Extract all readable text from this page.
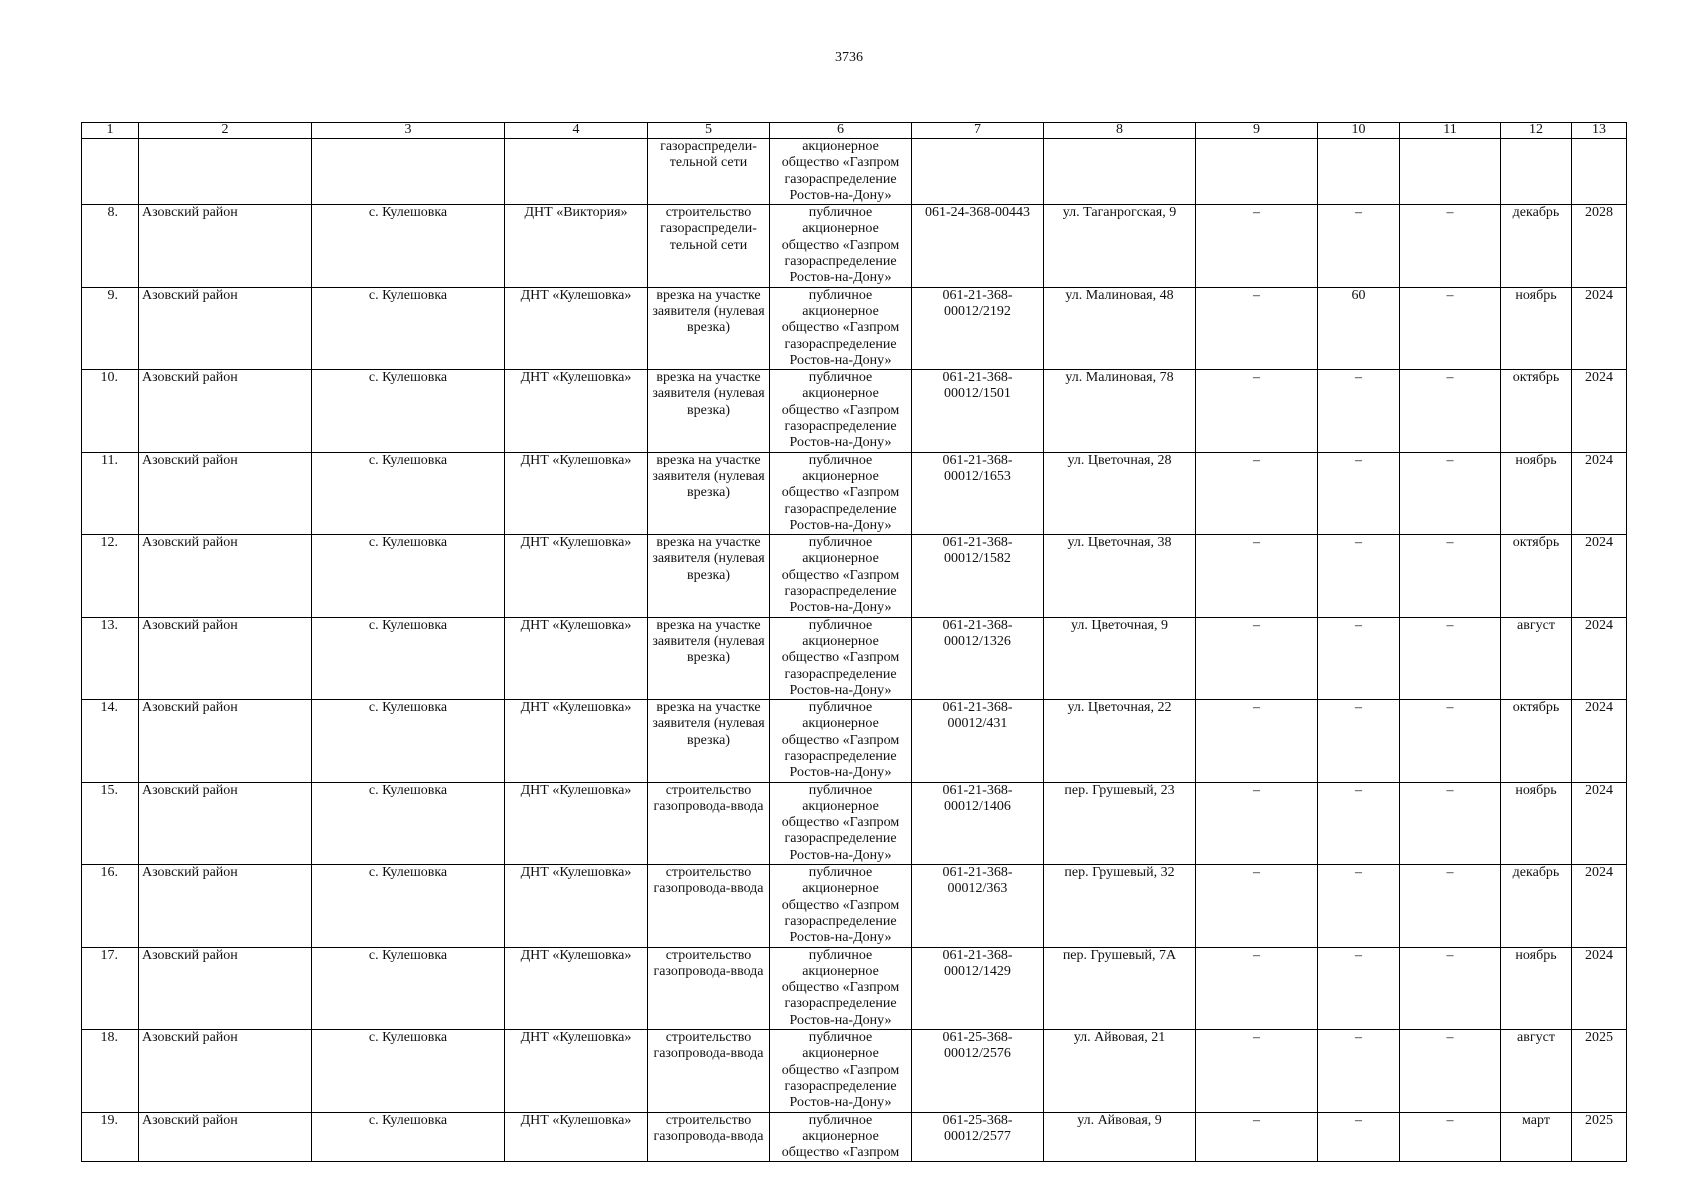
3736
1	2	3	4	5	6	7	8	9	10	11	12	13
				газораспредели-тельной сети	акционерное общество «Газпром газораспределение Ростов-на-Дону»							
8.	Азовский район	с. Кулешовка	ДНТ «Виктория»	строительство газораспредели-тельной сети	публичное акционерное общество «Газпром газораспределение Ростов-на-Дону»	061-24-368-00443	ул. Таганрогская, 9	–	–	–	декабрь	2028
9.	Азовский район	с. Кулешовка	ДНТ «Кулешовка»	врезка на участке заявителя (нулевая врезка)	публичное акционерное общество «Газпром газораспределение Ростов-на-Дону»	061-21-368-00012/2192	ул. Малиновая, 48	–	60	–	ноябрь	2024
10.	Азовский район	с. Кулешовка	ДНТ «Кулешовка»	врезка на участке заявителя (нулевая врезка)	публичное акционерное общество «Газпром газораспределение Ростов-на-Дону»	061-21-368-00012/1501	ул. Малиновая, 78	–	–	–	октябрь	2024
11.	Азовский район	с. Кулешовка	ДНТ «Кулешовка»	врезка на участке заявителя (нулевая врезка)	публичное акционерное общество «Газпром газораспределение Ростов-на-Дону»	061-21-368-00012/1653	ул. Цветочная, 28	–	–	–	ноябрь	2024
12.	Азовский район	с. Кулешовка	ДНТ «Кулешовка»	врезка на участке заявителя (нулевая врезка)	публичное акционерное общество «Газпром газораспределение Ростов-на-Дону»	061-21-368-00012/1582	ул. Цветочная, 38	–	–	–	октябрь	2024
13.	Азовский район	с. Кулешовка	ДНТ «Кулешовка»	врезка на участке заявителя (нулевая врезка)	публичное акционерное общество «Газпром газораспределение Ростов-на-Дону»	061-21-368-00012/1326	ул. Цветочная, 9	–	–	–	август	2024
14.	Азовский район	с. Кулешовка	ДНТ «Кулешовка»	врезка на участке заявителя (нулевая врезка)	публичное акционерное общество «Газпром газораспределение Ростов-на-Дону»	061-21-368-00012/431	ул. Цветочная, 22	–	–	–	октябрь	2024
15.	Азовский район	с. Кулешовка	ДНТ «Кулешовка»	строительство газопровода-ввода	публичное акционерное общество «Газпром газораспределение Ростов-на-Дону»	061-21-368-00012/1406	пер. Грушевый, 23	–	–	–	ноябрь	2024
16.	Азовский район	с. Кулешовка	ДНТ «Кулешовка»	строительство газопровода-ввода	публичное акционерное общество «Газпром газораспределение Ростов-на-Дону»	061-21-368-00012/363	пер. Грушевый, 32	–	–	–	декабрь	2024
17.	Азовский район	с. Кулешовка	ДНТ «Кулешовка»	строительство газопровода-ввода	публичное акционерное общество «Газпром газораспределение Ростов-на-Дону»	061-21-368-00012/1429	пер. Грушевый, 7А	–	–	–	ноябрь	2024
18.	Азовский район	с. Кулешовка	ДНТ «Кулешовка»	строительство газопровода-ввода	публичное акционерное общество «Газпром газораспределение Ростов-на-Дону»	061-25-368-00012/2576	ул. Айвовая, 21	–	–	–	август	2025
19.	Азовский район	с. Кулешовка	ДНТ «Кулешовка»	строительство газопровода-ввода	публичное акционерное общество «Газпром	061-25-368-00012/2577	ул. Айвовая, 9	–	–	–	март	2025
